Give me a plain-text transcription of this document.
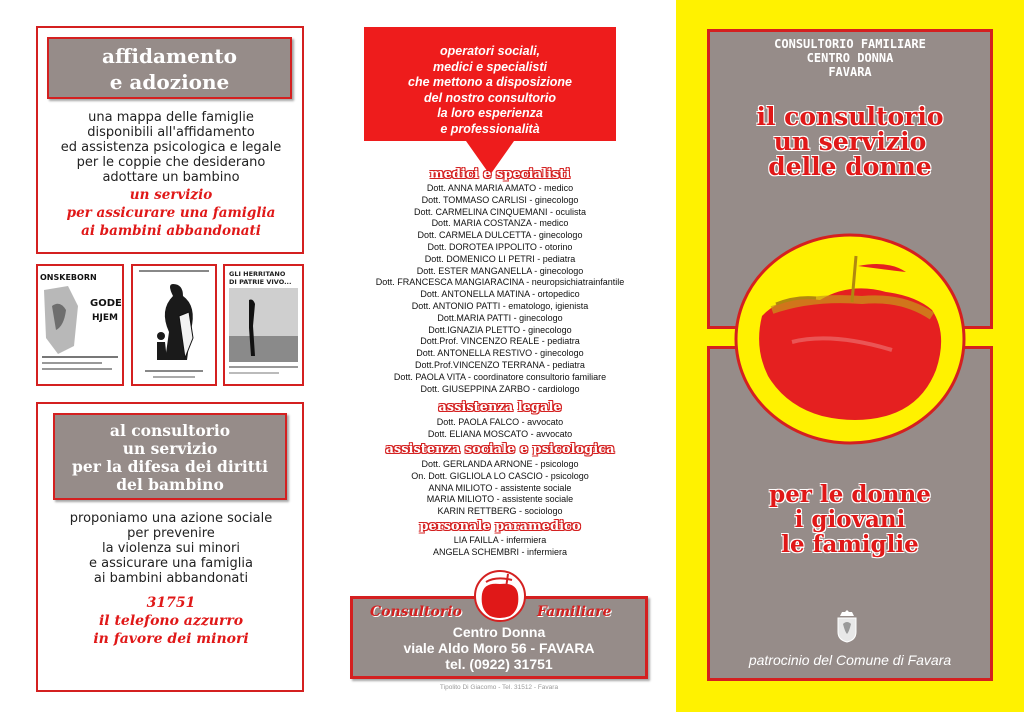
affidamento
e adozione
una mappa delle famiglie
disponibili all'affidamento
ed assistenza psicologica e legale
per le coppie che desiderano
adottare un bambino
un servizio
per assicurare una famiglia
ai bambini abbandonati
ONSKEBORN
GODE
HJEM
GLI HERRITANO
DI PATRIE VIVO...
al consultorio
un servizio
per la difesa dei diritti
del bambino
proponiamo una azione sociale
per prevenire
la violenza sui minori
e assicurare una famiglia
ai bambini abbandonati
31751
il telefono azzurro
in favore dei minori
operatori sociali,
medici e specialisti
che mettono a disposizione
del nostro consultorio
la loro esperienza
e professionalità
medici e specialisti
Dott. ANNA MARIA AMATO - medico
Dott. TOMMASO CARLISI - ginecologo
Dott. CARMELINA CINQUEMANI - oculista
Dott. MARIA COSTANZA - medico
Dott. CARMELA DULCETTA - ginecologo
Dott. DOROTEA IPPOLITO - otorino
Dott. DOMENICO LI PETRI - pediatra
Dott. ESTER MANGANELLA - ginecologo
Dott. FRANCESCA MANGIARACINA - neuropsichiatrainfantile
Dott. ANTONELLA MATINA - ortopedico
Dott. ANTONIO PATTI - ematologo, igienista
Dott.MARIA PATTI - ginecologo
Dott.IGNAZIA PLETTO - ginecologo
Dott.Prof. VINCENZO REALE - pediatra
Dott. ANTONELLA RESTIVO - ginecologo
Dott.Prof.VINCENZO TERRANA - pediatra
Dott. PAOLA VITA - coordinatore consultorio familiare
Dott. GIUSEPPINA ZARBO - cardiologo
assistenza legale
Dott. PAOLA FALCO - avvocato
Dott. ELIANA MOSCATO - avvocato
assistenza sociale e psicologica
Dott. GERLANDA ARNONE - psicologo
On. Dott. GIGLIOLA LO CASCIO - psicologo
ANNA MILIOTO - assistente sociale
MARIA MILIOTO - assistente sociale
KARIN RETTBERG - sociologo
personale paramedico
LIA FAILLA - infermiera
ANGELA SCHEMBRI - infermiera
Consultorio	Familiare
Centro Donna
viale Aldo Moro 56 - FAVARA
tel. (0922) 31751
Tipolito Di Giacomo - Tel. 31512 - Favara
CONSULTORIO FAMILIARE
CENTRO DONNA
FAVARA
il consultorio
un servizio
delle donne
per le donne
i giovani
le famiglie
patrocinio del Comune di Favara
